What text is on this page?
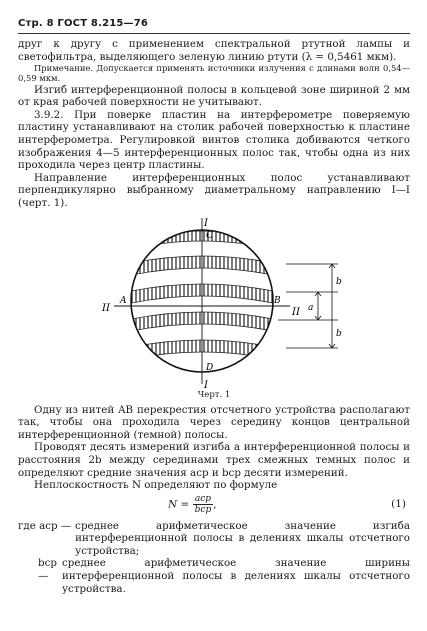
Стр. 8 ГОСТ 8.215—76

друг к другу с применением спектральной ртутной лампы и светофильтра, выделяющего зеленую линию ртути (λ = 0,5461 мкм).

Примечание. Допускается применять источники излучения с длинами волн 0,54—0,59 мкм.

Изгиб интерференционной полосы в кольцевой зоне шириной 2 мм от края рабочей поверхности не учитывают.

3.9.2. При поверке пластин на интерферометре поверяемую пластину устанавливают на столик рабочей поверхностью к пластине интерферометра. Регулировкой винтов столика добиваются четкого изображения 4—5 интерференционных полос так, чтобы одна из них проходила через центр пластины.

Направление интерференционных полос устанавливают перпендикулярно выбранному диаметральному направлению I—I (черт. 1).

I
C
I
D
II
A	B
II a
b
b
Черт. 1

Одну из нитей AB перекрестия отсчетного устройства располагают так, чтобы она проходила через середину концов центральной интерференционной (темной) полосы.

Проводят десять измерений изгиба a интерференционной полосы и расстояния 2b между серединами трех смежных темных полос и определяют средние значения aср и bср десяти измерений.

Неплоскостность N определяют по формуле

$N = \frac{\text{aср}}{\text{bср}}$ ,	(1)
где aср — среднее арифметическое значение изгиба интерференционной полосы в делениях шкалы отсчетного устройства;
bср —
среднее арифметическое значение ширины интерференционной полосы в делениях шкалы отсчетного устройства.
